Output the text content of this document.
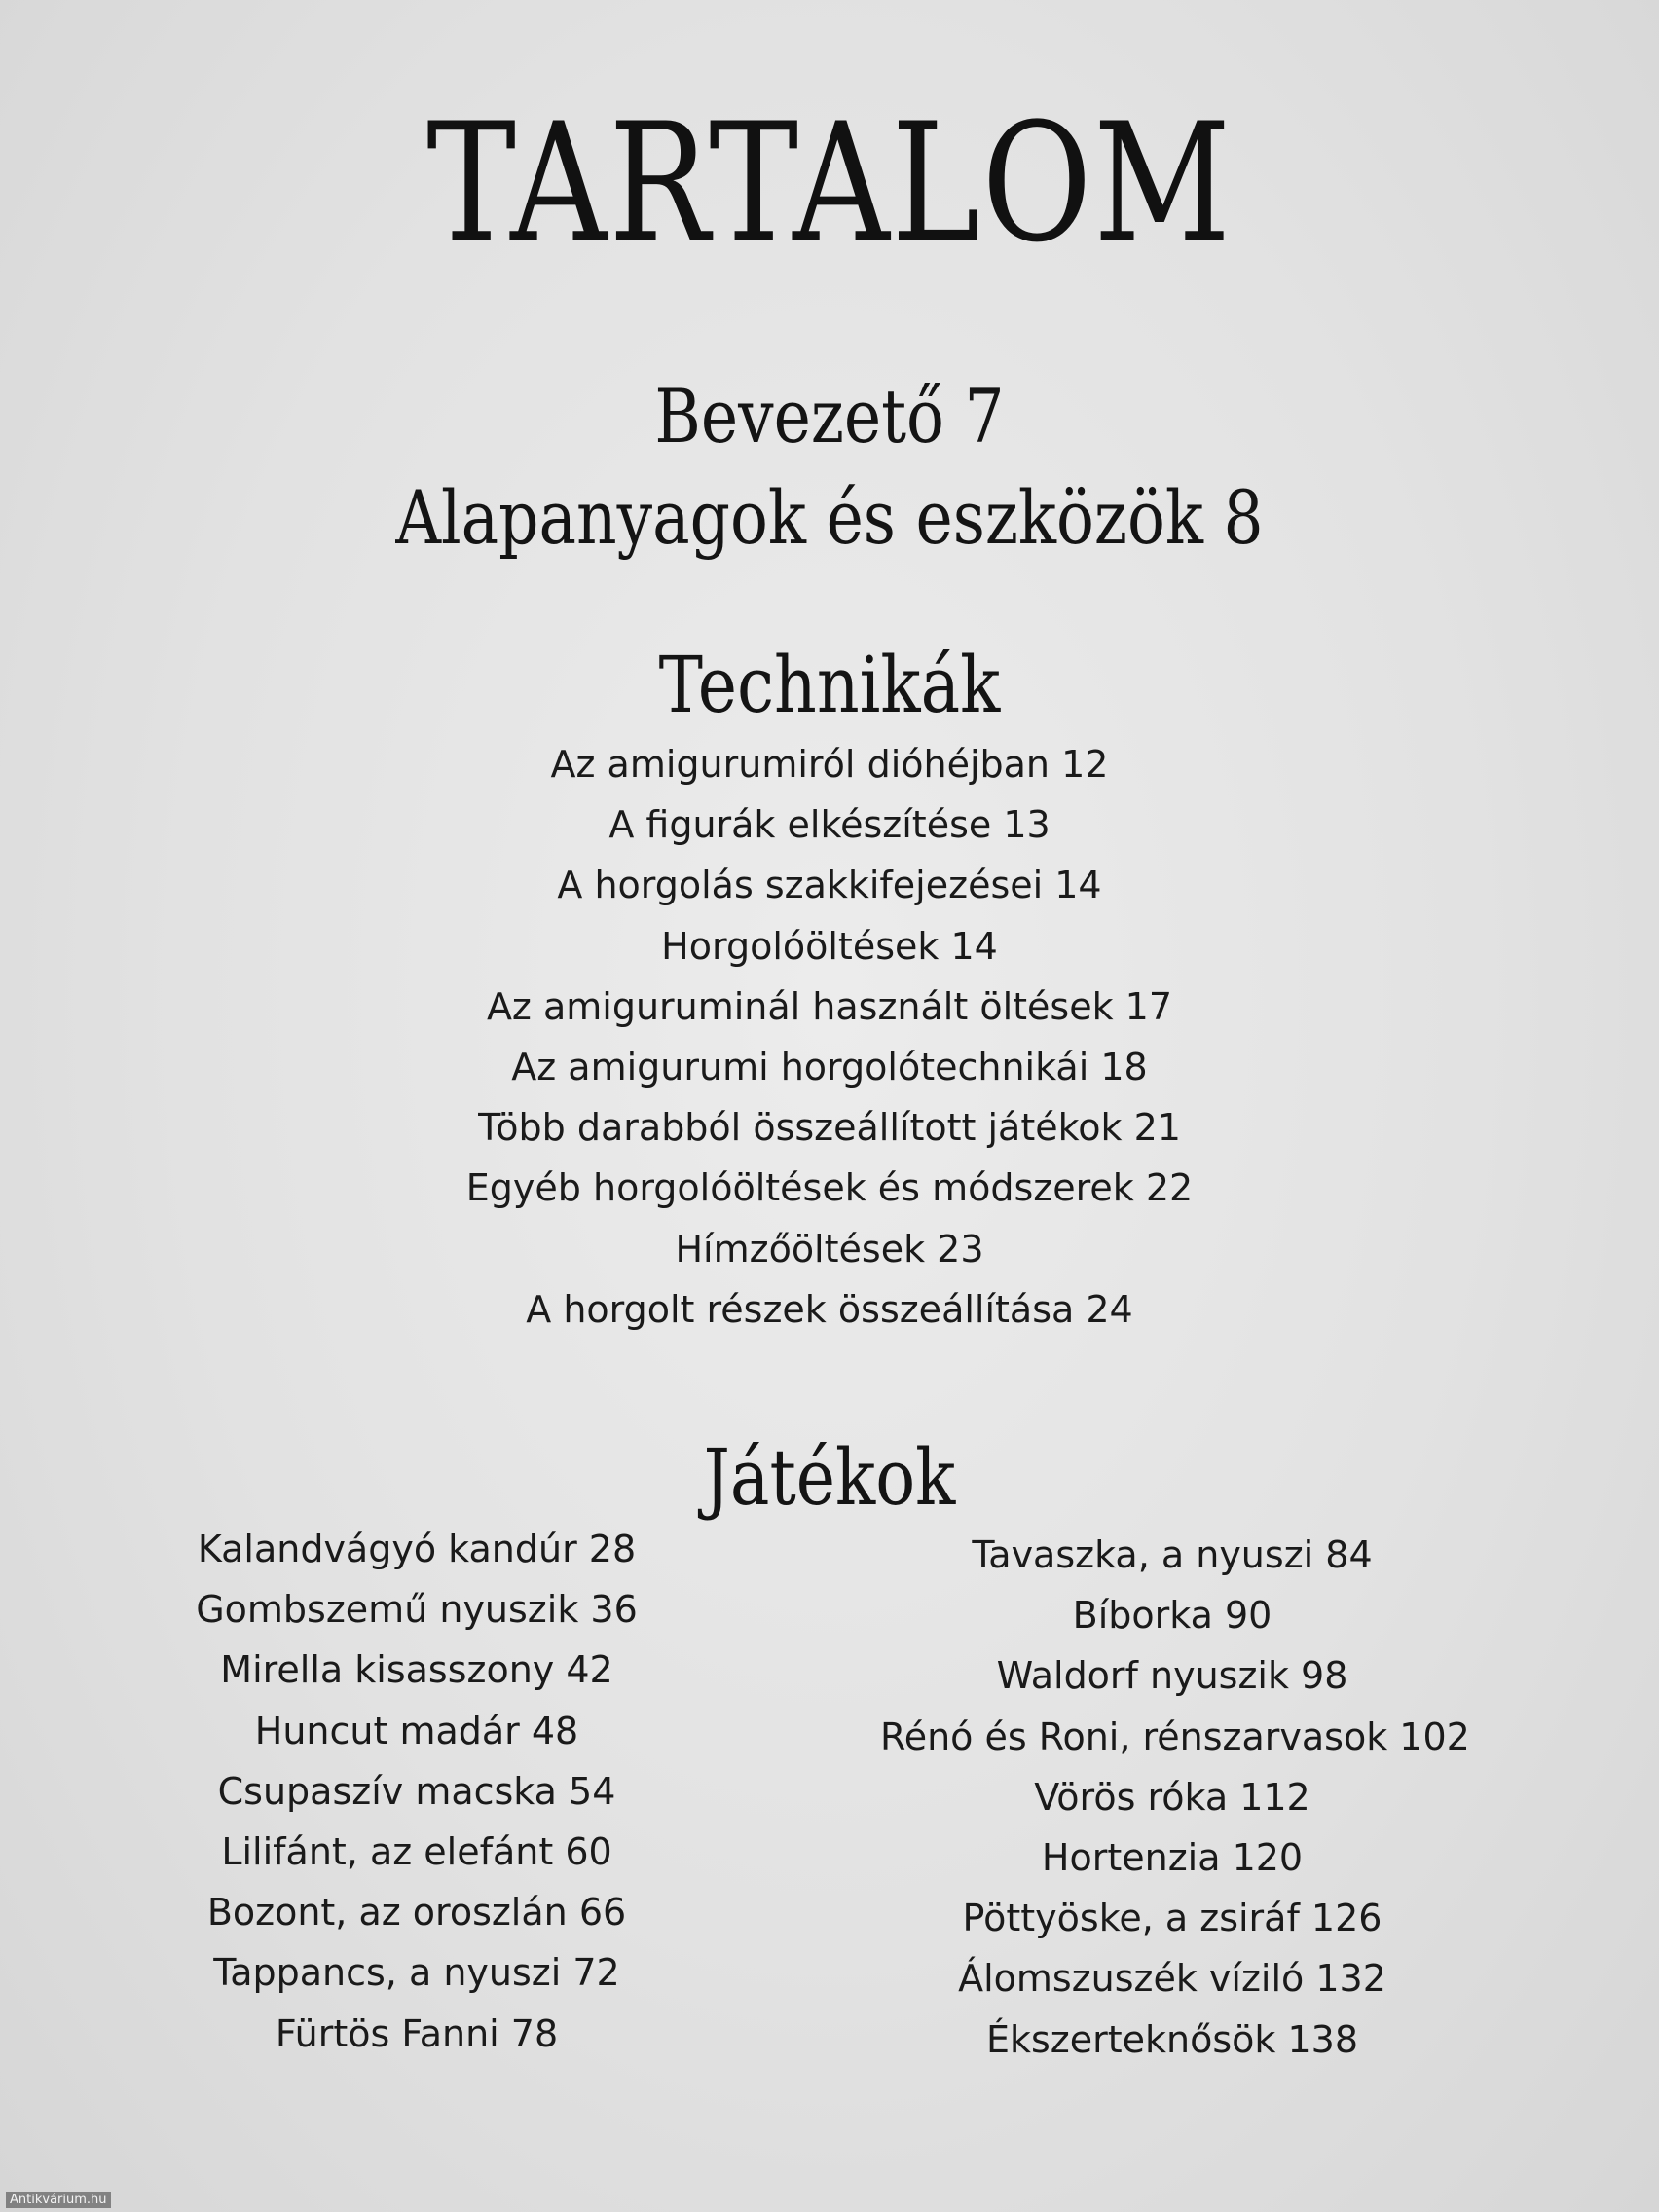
TARTALOM
Bevezető 7
Alapanyagok és eszközök 8
Technikák
Az amigurumiról dióhéjban 12
A figurák elkészítése 13
A horgolás szakkifejezései 14
Horgolóöltések 14
Az amiguruminál használt öltések 17
Az amigurumi horgolótechnikái 18
Több darabból összeállított játékok 21
Egyéb horgolóöltések és módszerek 22
Hímzőöltések 23
A horgolt részek összeállítása 24
Játékok
Kalandvágyó kandúr 28
Gombszemű nyuszik 36
Mirella kisasszony 42
Huncut madár 48
Csupaszív macska 54
Lilifánt, az elefánt 60
Bozont, az oroszlán 66
Tappancs, a nyuszi 72
Fürtös Fanni 78
Tavaszka, a nyuszi 84
Bíborka 90
Waldorf nyuszik 98
Rénó és Roni, rénszarvasok 102
Vörös róka 112
Hortenzia 120
Pöttyöske, a zsiráf 126
Álomszuszék víziló 132
Ékszerteknősök 138
Antikvárium.hu
